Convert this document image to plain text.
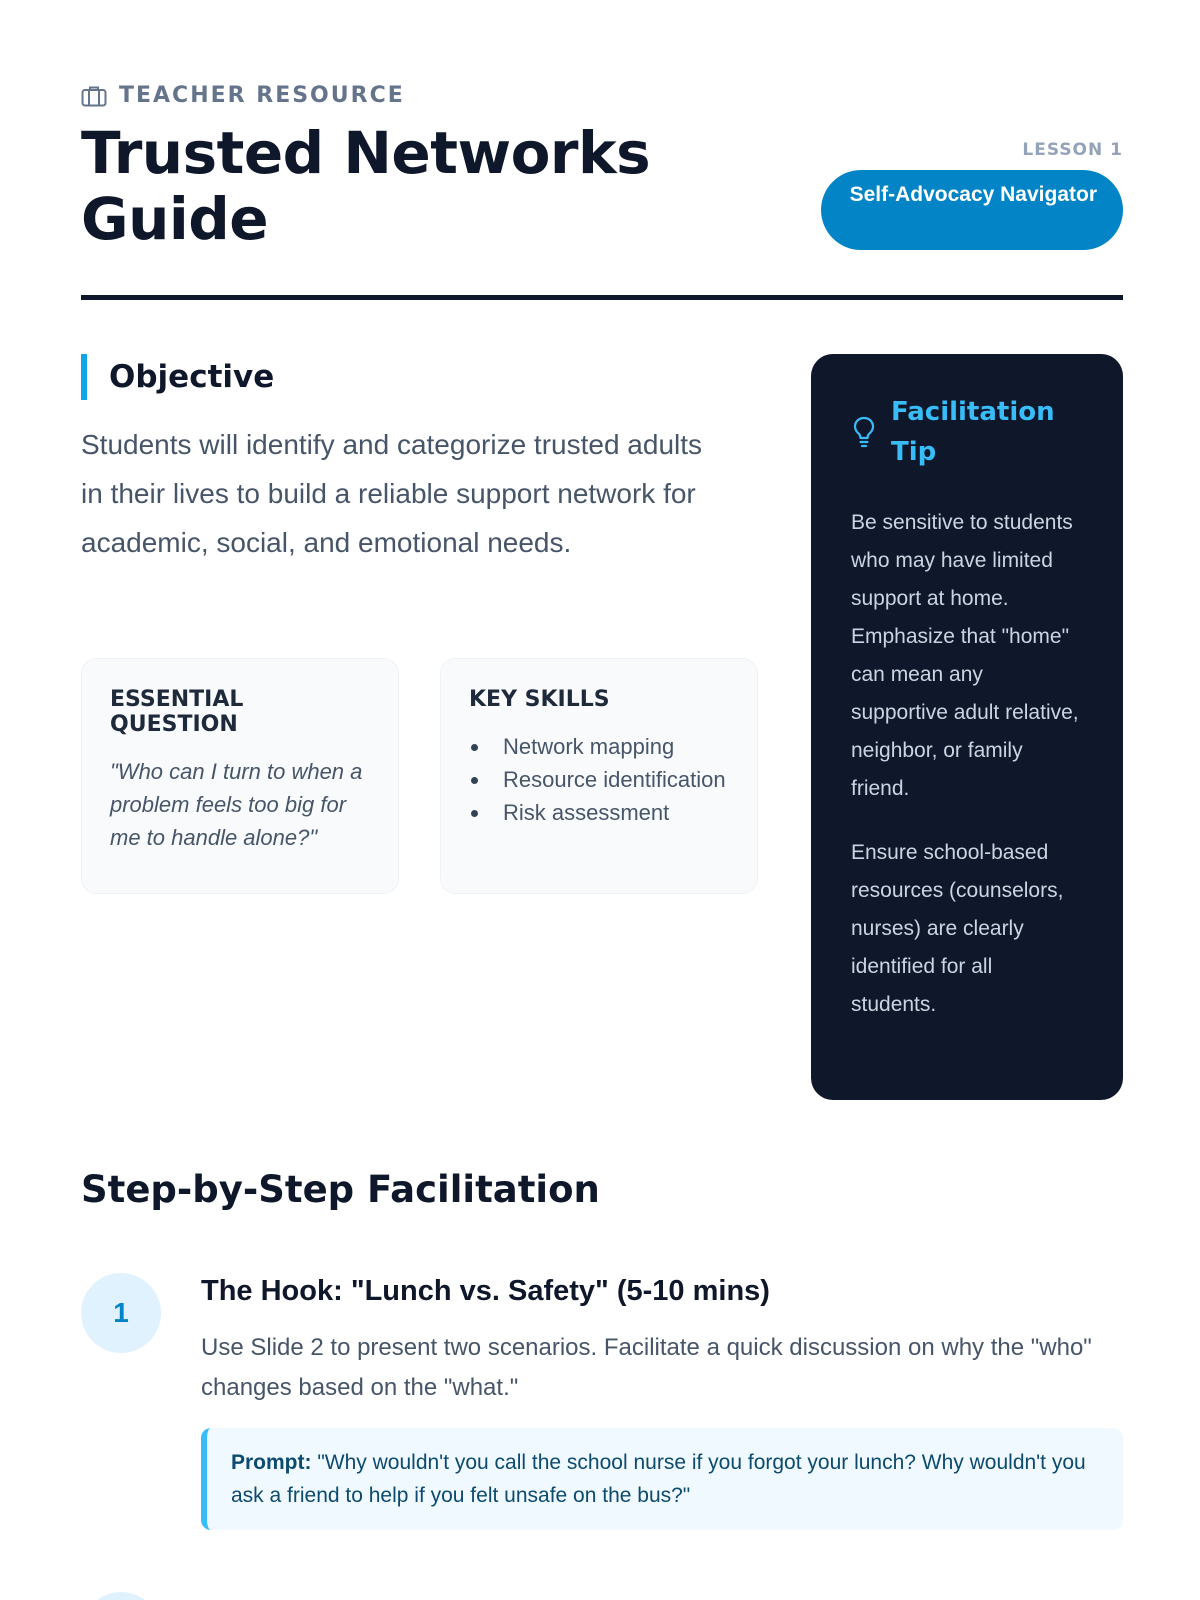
TEACHER RESOURCE
Trusted Networks Guide
LESSON 1
Self-Advocacy Navigator
Objective

Students will identify and categorize trusted adults in their lives to build a reliable support network for academic, social, and emotional needs.

ESSENTIAL QUESTION
"Who can I turn to when a problem feels too big for me to handle alone?"
KEY SKILLS
Network mapping
Resource identification
Risk assessment
Facilitation Tip

Be sensitive to students who may have limited support at home. Emphasize that "home" can mean any supportive adult relative, neighbor, or family friend.

Ensure school-based resources (counselors, nurses) are clearly identified for all students.

Step-by-Step Facilitation
1
The Hook: "Lunch vs. Safety" (5-10 mins)

Use Slide 2 to present two scenarios. Facilitate a quick discussion on why the "who" changes based on the "what."

Prompt: "Why wouldn't you call the school nurse if you forgot your lunch? Why wouldn't you ask a friend to help if you felt unsafe on the bus?"
